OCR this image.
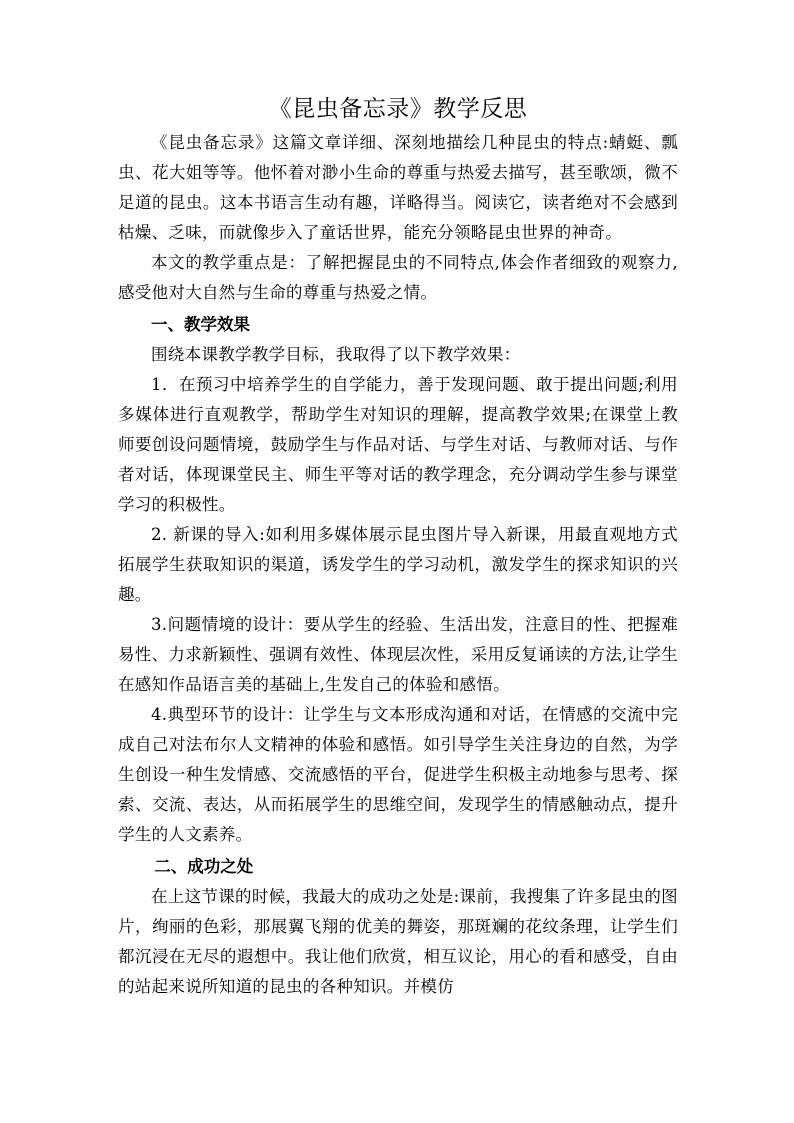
《昆虫备忘录》教学反思

《昆虫备忘录》这篇文章详细、深刻地描绘几种昆虫的特点:蜻蜓、瓢虫、花大姐等等。他怀着对渺小生命的尊重与热爱去描写，甚至歌颂，微不足道的昆虫。这本书语言生动有趣，详略得当。阅读它，读者绝对不会感到枯燥、乏味，而就像步入了童话世界，能充分领略昆虫世界的神奇。

本文的教学重点是：了解把握昆虫的不同特点,体会作者细致的观察力,感受他对大自然与生命的尊重与热爱之情。

一、教学效果

围绕本课教学教学目标，我取得了以下教学效果：

1．在预习中培养学生的自学能力，善于发现问题、敢于提出问题;利用多媒体进行直观教学，帮助学生对知识的理解，提高教学效果;在课堂上教师要创设问题情境，鼓励学生与作品对话、与学生对话、与教师对话、与作者对话，体现课堂民主、师生平等对话的教学理念，充分调动学生参与课堂学习的积极性。

2. 新课的导入:如利用多媒体展示昆虫图片导入新课，用最直观地方式拓展学生获取知识的渠道，诱发学生的学习动机，激发学生的探求知识的兴趣。

3.问题情境的设计：要从学生的经验、生活出发，注意目的性、把握难易性、力求新颖性、强调有效性、体现层次性，采用反复诵读的方法,让学生在感知作品语言美的基础上,生发自己的体验和感悟。

4.典型环节的设计：让学生与文本形成沟通和对话，在情感的交流中完成自己对法布尔人文精神的体验和感悟。如引导学生关注身边的自然，为学生创设一种生发情感、交流感悟的平台，促进学生积极主动地参与思考、探索、交流、表达，从而拓展学生的思维空间，发现学生的情感触动点，提升学生的人文素养。

二、成功之处

在上这节课的时候，我最大的成功之处是:课前，我搜集了许多昆虫的图片，绚丽的色彩，那展翼飞翔的优美的舞姿，那斑斓的花纹条理，让学生们都沉浸在无尽的遐想中。我让他们欣赏，相互议论，用心的看和感受，自由的站起来说所知道的昆虫的各种知识。并模仿
